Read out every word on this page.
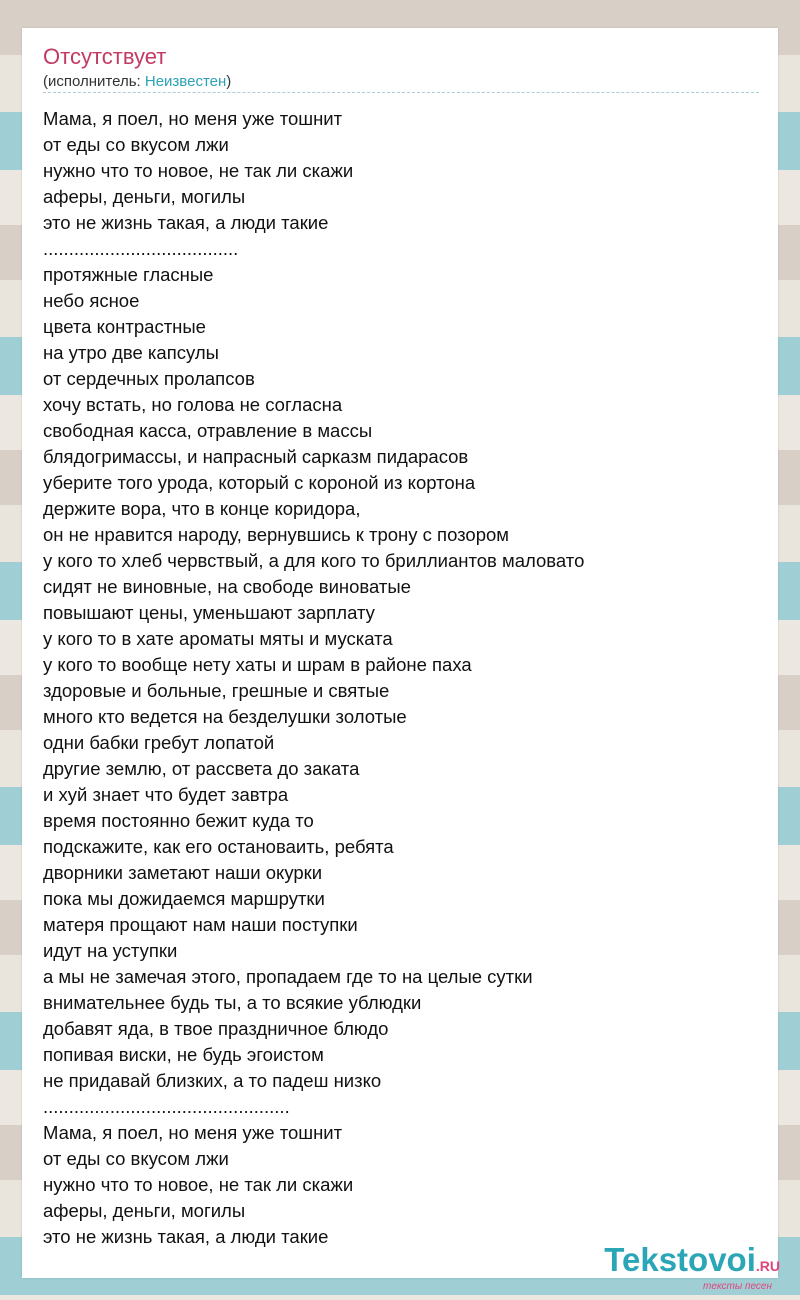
Отсутствует
(исполнитель: Неизвестен)
Мама, я поел, но меня уже тошнит
от еды со вкусом лжи
нужно что то новое, не так ли скажи
аферы, деньги, могилы
это не жизнь такая, а люди такие
......................................
протяжные гласные
небо ясное
цвета контрастные
на утро две капсулы
от сердечных пролапсов
хочу встать, но голова не согласна
свободная касса, отравление в массы
блядогримассы, и напрасный сарказм пидарасов
уберите того урода, который с короной из кортона
держите вора, что в конце коридора,
он не нравится народу, вернувшись к трону с позором
у кого то хлеб червствый, а для кого то бриллиантов маловато
сидят не виновные, на свободе виноватые
повышают цены, уменьшают зарплату
у кого то в хате ароматы мяты и муската
у кого то вообще нету хаты и шрам в районе паха
здоровые и больные, грешные и святые
много кто ведется на безделушки золотые
одни бабки гребут лопатой
другие землю, от рассвета до заката
и хуй знает что будет завтра
время постоянно бежит куда то
подскажите, как его остановаить, ребята
дворники заметают наши окурки
пока мы дожидаемся маршрутки
матеря прощают нам наши поступки
идут на уступки
а мы не замечая этого, пропадаем где то на целые сутки
внимательнее будь ты, а то всякие ублюдки
добавят яда, в твое праздничное блюдо
попивая виски, не будь эгоистом
не придавай близких, а то падеш низко
................................................
Мама, я поел, но меня уже тошнит
от еды со вкусом лжи
нужно что то новое, не так ли скажи
аферы, деньги, могилы
это не жизнь такая, а люди такие
Tekstovoi.RU
тексты песен
